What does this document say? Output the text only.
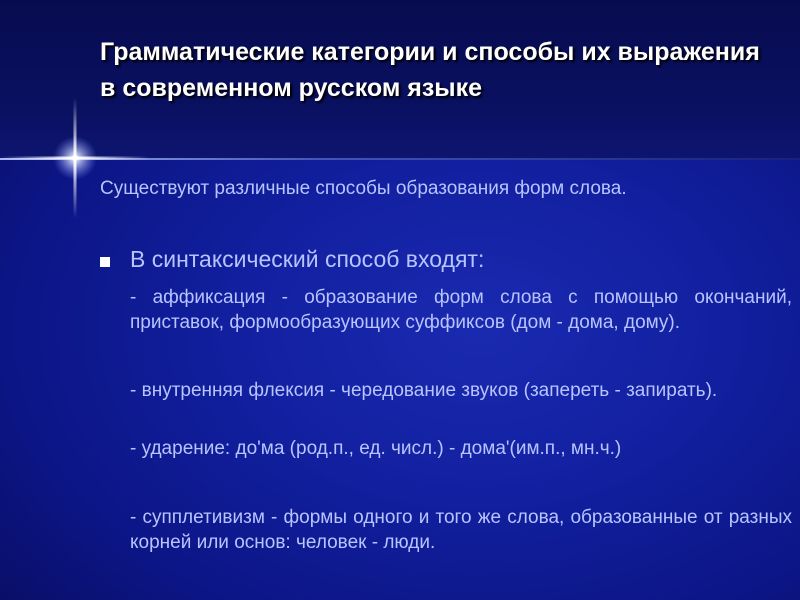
Грамматические категории и способы их выражения в современном русском языке

Существуют различные способы образования форм слова.

В синтаксический способ входят:

- аффиксация - образование форм слова с помощью окончаний, приставок, формообразующих суффиксов (дом - дома, дому).

- внутренняя флексия - чередование звуков (запереть - запирать).

- ударение: до'ма (род.п., ед. числ.) - дома'(им.п., мн.ч.)

- супплетивизм - формы одного и того же слова, образованные от разных корней или основ: человек - люди.
